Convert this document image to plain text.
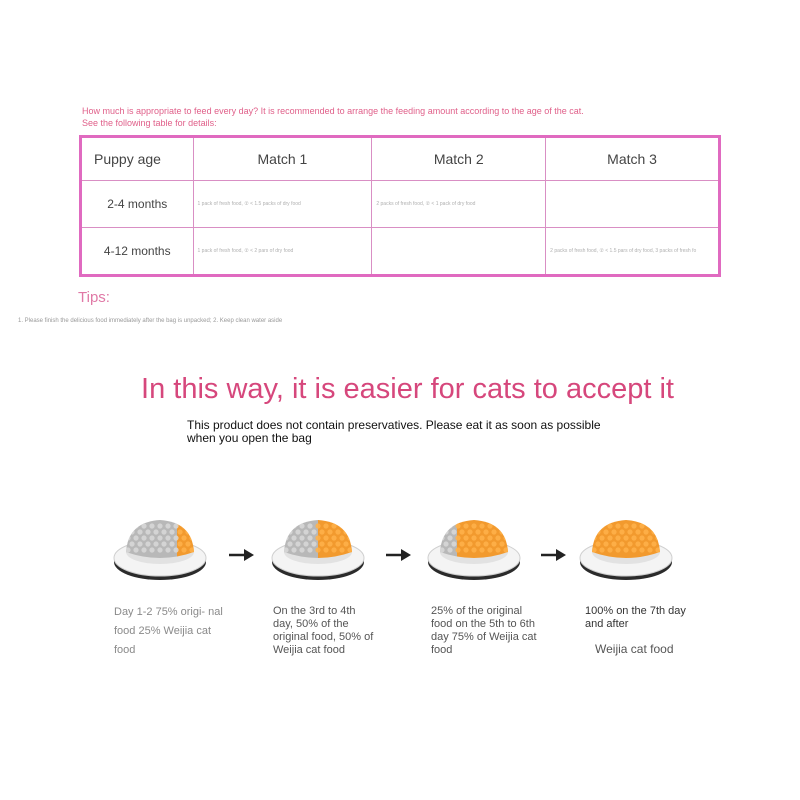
How much is appropriate to feed every day? It is recommended to arrange the feeding amount according to the age of the cat. See the following table for details:
Puppy age	Match 1	Match 2	Match 3
2-4 months	1 pack of fresh food, ② < 1.5 packs of dry food	2 packs of fresh food, ② < 1 pack of dry food	
4-12 months	1 pack of fresh food, ② < 2 pars of dry food		2 packs of fresh food, ② < 1.5 pars of dry food, 3 packs of fresh fo
Tips:
1. Please finish the delicious food immediately after the bag is unpacked; 2. Keep clean water aside
In this way, it is easier for cats to accept it
This product does not contain preservatives. Please eat it as soon as possible when you open the bag
Day 1-2 75% origi- nal food 25% Weijia cat food
On the 3rd to 4th day, 50% of the original food, 50% of Weijia cat food
25% of the original food on the 5th to 6th day 75% of Weijia cat food
100% on the 7th day and after
Weijia cat food
